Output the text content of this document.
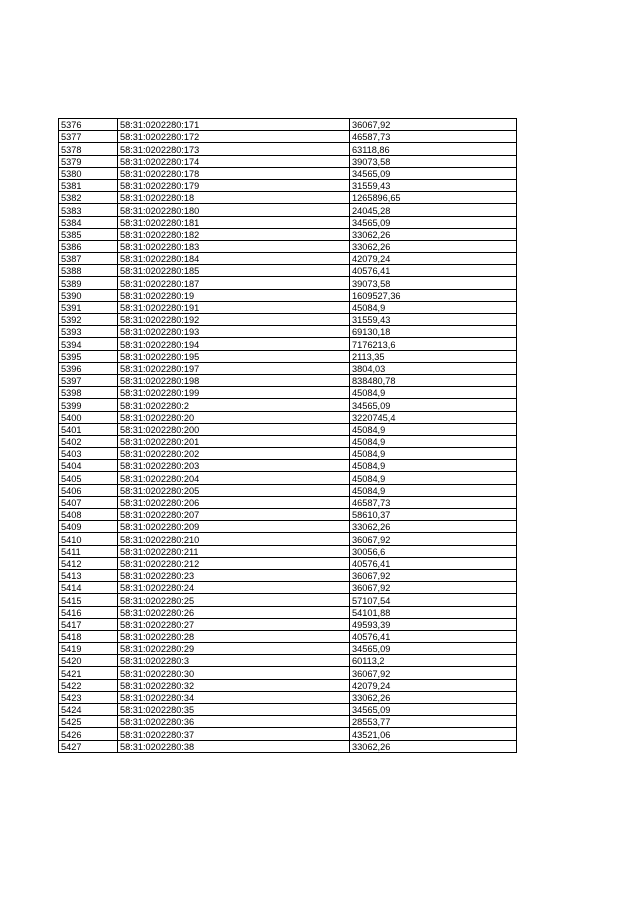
5376	58:31:0202280:171	36067,92
5377	58:31:0202280:172	46587,73
5378	58:31:0202280:173	63118,86
5379	58:31:0202280:174	39073,58
5380	58:31:0202280:178	34565,09
5381	58:31:0202280:179	31559,43
5382	58:31:0202280:18	1265896,65
5383	58:31:0202280:180	24045,28
5384	58:31:0202280:181	34565,09
5385	58:31:0202280:182	33062,26
5386	58:31:0202280:183	33062,26
5387	58:31:0202280:184	42079,24
5388	58:31:0202280:185	40576,41
5389	58:31:0202280:187	39073,58
5390	58:31:0202280:19	1609527,36
5391	58:31:0202280:191	45084,9
5392	58:31:0202280:192	31559,43
5393	58:31:0202280:193	69130,18
5394	58:31:0202280:194	7176213,6
5395	58:31:0202280:195	2113,35
5396	58:31:0202280:197	3804,03
5397	58:31:0202280:198	838480,78
5398	58:31:0202280:199	45084,9
5399	58:31:0202280:2	34565,09
5400	58:31:0202280:20	3220745,4
5401	58:31:0202280:200	45084,9
5402	58:31:0202280:201	45084,9
5403	58:31:0202280:202	45084,9
5404	58:31:0202280:203	45084,9
5405	58:31:0202280:204	45084,9
5406	58:31:0202280:205	45084,9
5407	58:31:0202280:206	46587,73
5408	58:31:0202280:207	58610,37
5409	58:31:0202280:209	33062,26
5410	58:31:0202280:210	36067,92
5411	58:31:0202280:211	30056,6
5412	58:31:0202280:212	40576,41
5413	58:31:0202280:23	36067,92
5414	58:31:0202280:24	36067,92
5415	58:31:0202280:25	57107,54
5416	58:31:0202280:26	54101,88
5417	58:31:0202280:27	49593,39
5418	58:31:0202280:28	40576,41
5419	58:31:0202280:29	34565,09
5420	58:31:0202280:3	60113,2
5421	58:31:0202280:30	36067,92
5422	58:31:0202280:32	42079,24
5423	58:31:0202280:34	33062,26
5424	58:31:0202280:35	34565,09
5425	58:31:0202280:36	28553,77
5426	58:31:0202280:37	43521,06
5427	58:31:0202280:38	33062,26
